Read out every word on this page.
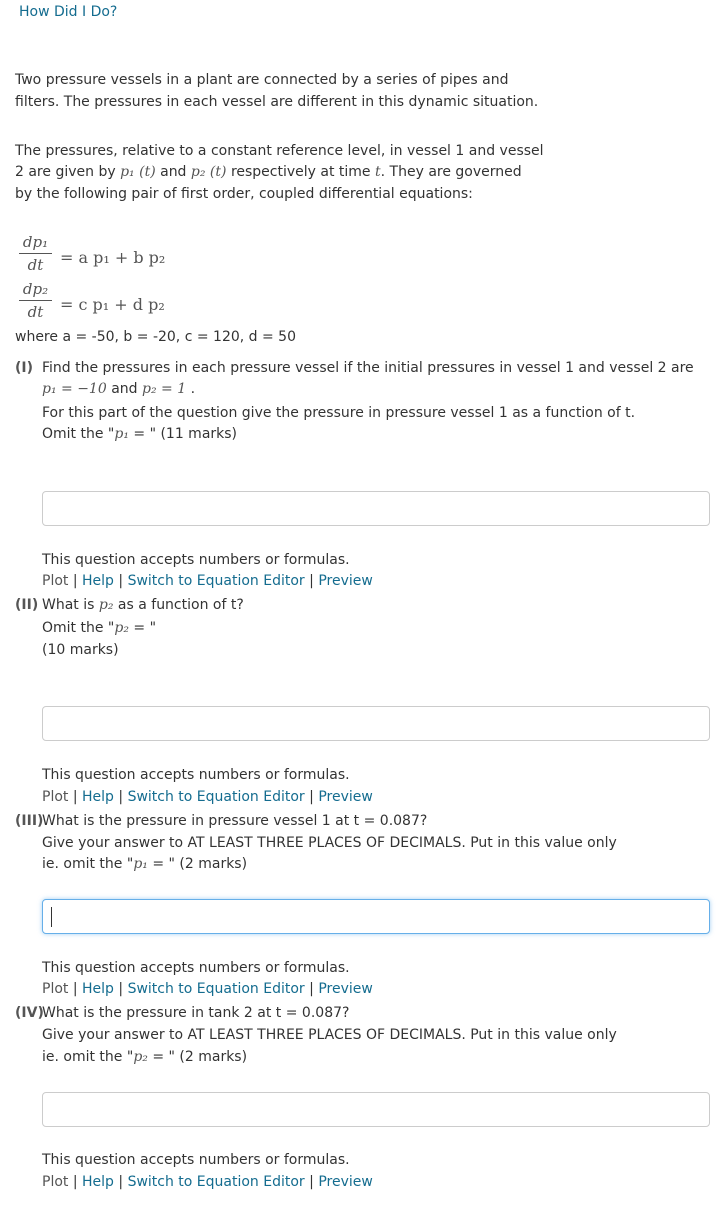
How Did I Do?
Two pressure vessels in a plant are connected by a series of pipes and
filters. The pressures in each vessel are different in this dynamic situation.
The pressures, relative to a constant reference level, in vessel 1 and vessel
2 are given by p₁ (t) and p₂ (t) respectively at time t. They are governed
by the following pair of first order, coupled differential equations:
dp₁
dt = a p₁ + b p₂
dp₂
dt = c p₁ + d p₂
where a = -50, b = -20, c = 120, d = 50
(I) Find the pressures in each pressure vessel if the initial pressures in vessel 1 and vessel 2 are
p₁ = −10 and p₂ = 1 .
For this part of the question give the pressure in pressure vessel 1 as a function of t.
Omit the "p₁ = " (11 marks)
This question accepts numbers or formulas.
Plot | Help | Switch to Equation Editor | Preview
(II) What is p₂ as a function of t?
Omit the "p₂ = "
(10 marks)
This question accepts numbers or formulas.
Plot | Help | Switch to Equation Editor | Preview
(III)
What is the pressure in pressure vessel 1 at t = 0.087?
Give your answer to AT LEAST THREE PLACES OF DECIMALS. Put in this value only
ie. omit the "p₁ = " (2 marks)
This question accepts numbers or formulas.
Plot | Help | Switch to Equation Editor | Preview
(IV)
What is the pressure in tank 2 at t = 0.087?
Give your answer to AT LEAST THREE PLACES OF DECIMALS. Put in this value only
ie. omit the "p₂ = " (2 marks)
This question accepts numbers or formulas.
Plot | Help | Switch to Equation Editor | Preview
